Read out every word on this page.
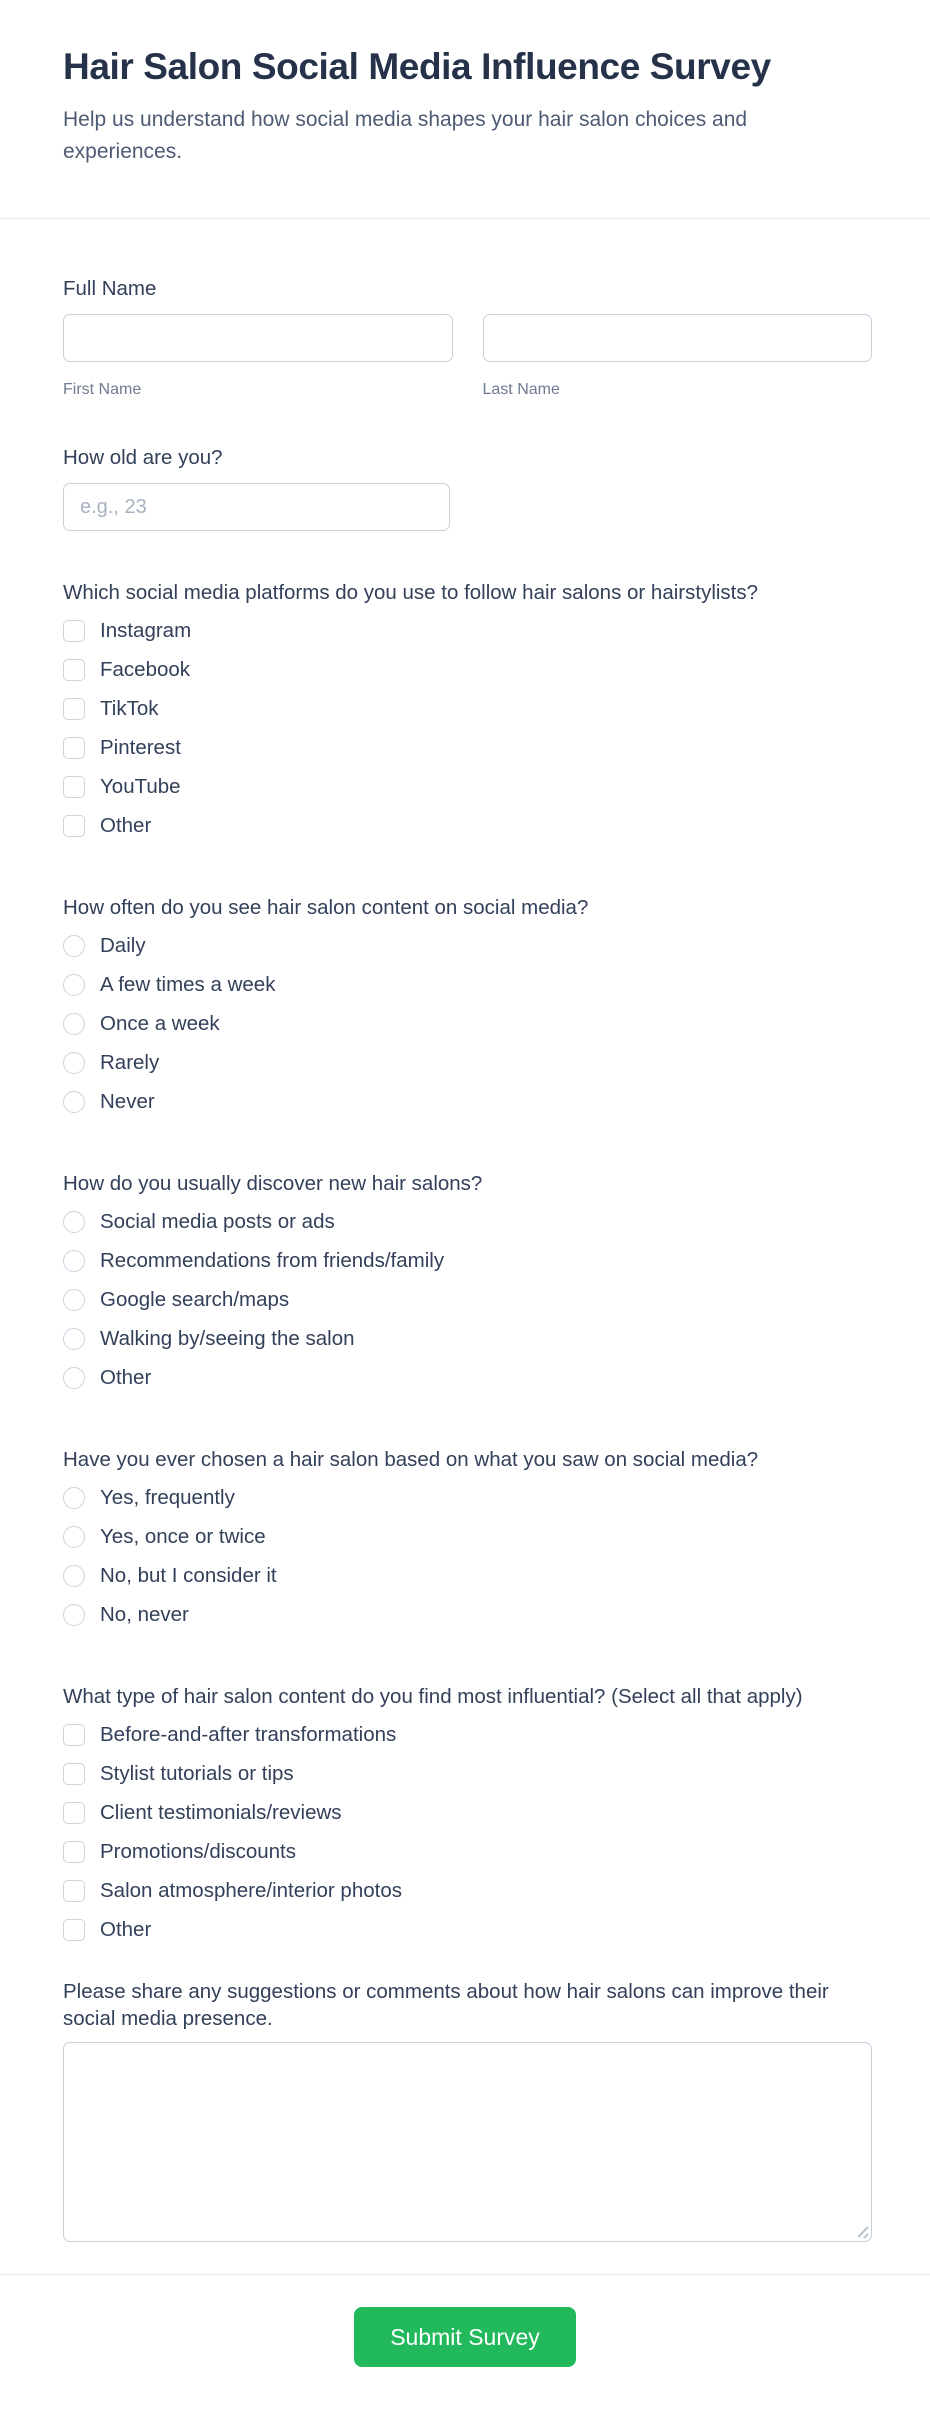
Hair Salon Social Media Influence Survey

Help us understand how social media shapes your hair salon choices and experiences.

Full Name
First Name	Last Name
How old are you?
e.g., 23
Which social media platforms do you use to follow hair salons or hairstylists?
Instagram
Facebook
TikTok
Pinterest
YouTube
Other
How often do you see hair salon content on social media?
Daily
A few times a week
Once a week
Rarely
Never
How do you usually discover new hair salons?
Social media posts or ads
Recommendations from friends/family
Google search/maps
Walking by/seeing the salon
Other
Have you ever chosen a hair salon based on what you saw on social media?
Yes, frequently
Yes, once or twice
No, but I consider it
No, never
What type of hair salon content do you find most influential? (Select all that apply)
Before-and-after transformations
Stylist tutorials or tips
Client testimonials/reviews
Promotions/discounts
Salon atmosphere/interior photos
Other
Please share any suggestions or comments about how hair salons can improve their social media presence.
Submit Survey
